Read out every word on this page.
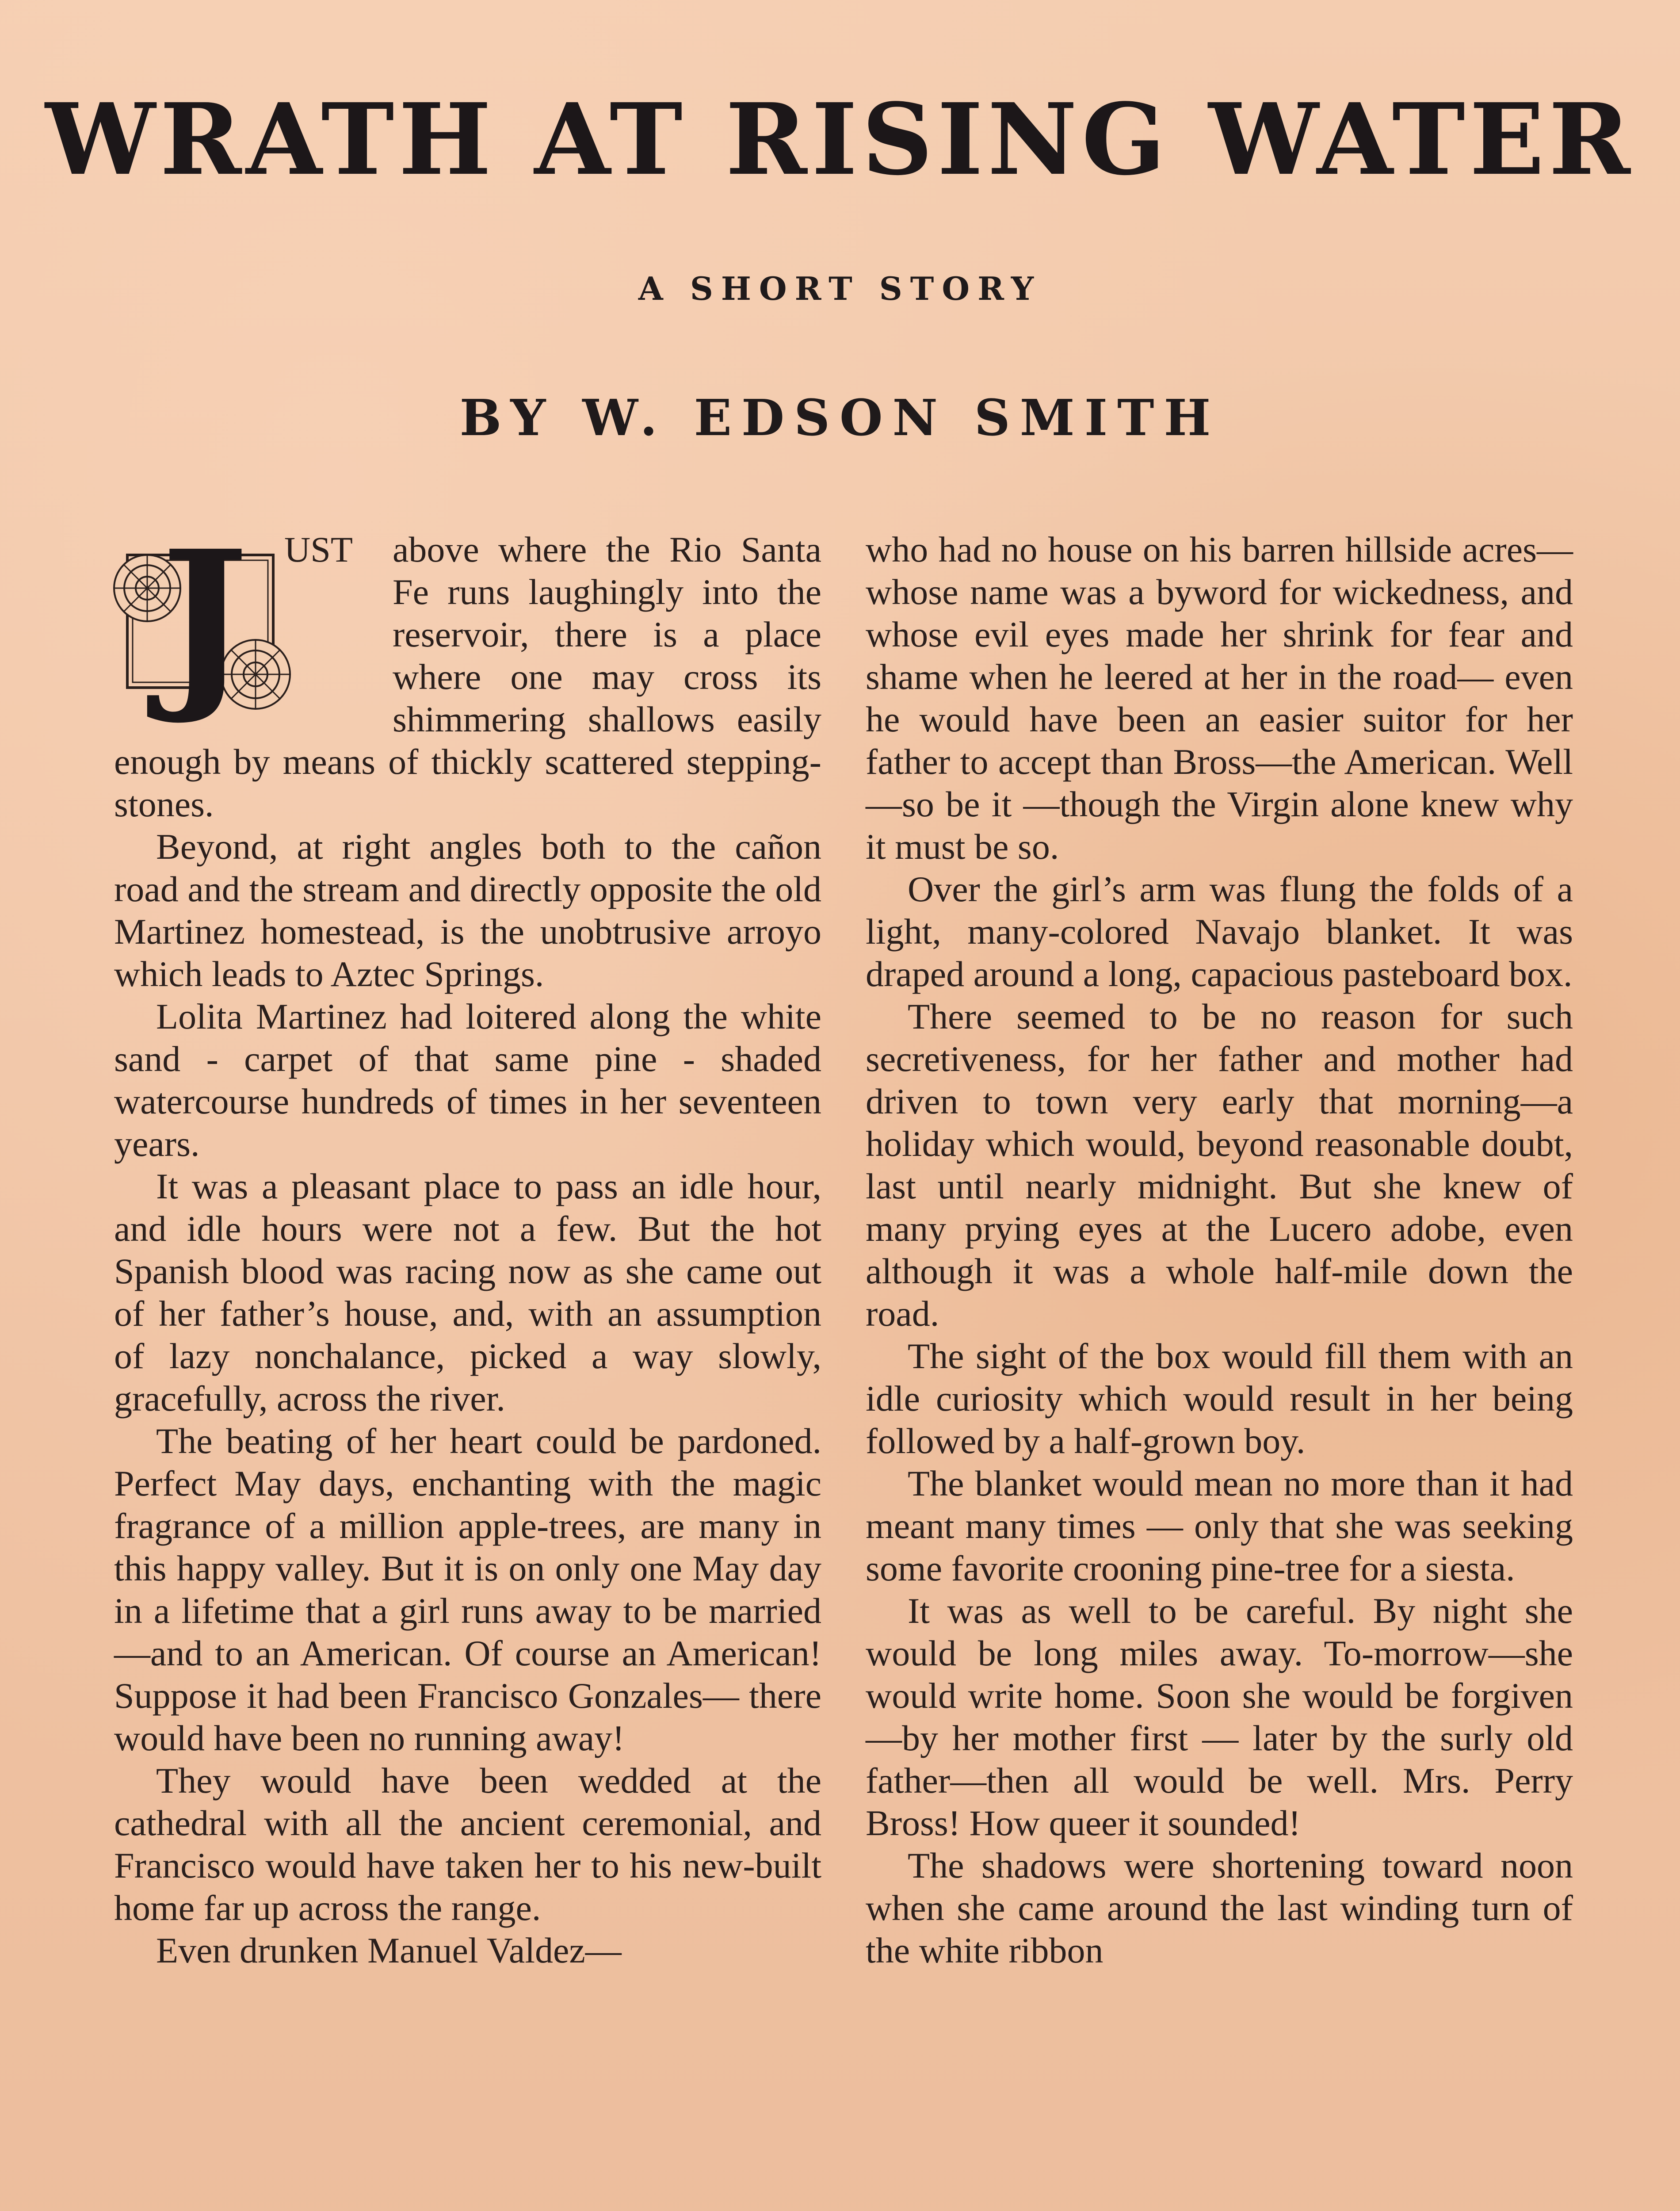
WRATH AT RISING WATER
A SHORT STORY
BY W. EDSON SMITH
J UST	above where the Rio Santa Fe runs laughingly into the reservoir, there is a place where one may cross its shimmering shallows easily enough by means of thickly scattered stepping-stones.

Beyond, at right angles both to the cañon road and the stream and directly opposite the old Martinez homestead, is the unobtrusive arroyo which leads to Aztec Springs.

Lolita Martinez had loitered along the white sand - carpet of that same pine - shaded watercourse hundreds of times in her seventeen years.

It was a pleasant place to pass an idle hour, and idle hours were not a few. But the hot Spanish blood was racing now as she came out of her father’s house, and, with an assumption of lazy nonchalance, picked a way slowly, gracefully, across the river.

The beating of her heart could be pardoned. Perfect May days, enchanting with the magic fragrance of a million apple-trees, are many in this happy valley. But it is on only one May day in a lifetime that a girl runs away to be married—and to an American. Of course an American! Suppose it had been Francisco Gonzales— there would have been no running away!

They would have been wedded at the cathedral with all the ancient ceremonial, and Francisco would have taken her to his new-built home far up across the range.

Even drunken Manuel Valdez—

who had no house on his barren hillside acres—whose name was a byword for wickedness, and whose evil eyes made her shrink for fear and shame when he leered at her in the road— even he would have been an easier suitor for her father to accept than Bross—the American. Well—so be it —though the Virgin alone knew why it must be so.

Over the girl’s arm was flung the folds of a light, many-colored Navajo blanket. It was draped around a long, capacious pasteboard box.

There seemed to be no reason for such secretiveness, for her father and mother had driven to town very early that morning—a holiday which would, beyond reasonable doubt, last until nearly midnight. But she knew of many prying eyes at the Lucero adobe, even although it was a whole half-mile down the road.

The sight of the box would fill them with an idle curiosity which would result in her being followed by a half-grown boy.

The blanket would mean no more than it had meant many times — only that she was seeking some favorite crooning pine-tree for a siesta.

It was as well to be careful. By night she would be long miles away. To-morrow—she would write home. Soon she would be forgiven—by her mother first — later by the surly old father—then all would be well. Mrs. Perry Bross! How queer it sounded!

The shadows were shortening toward noon when she came around the last winding turn of the white ribbon
